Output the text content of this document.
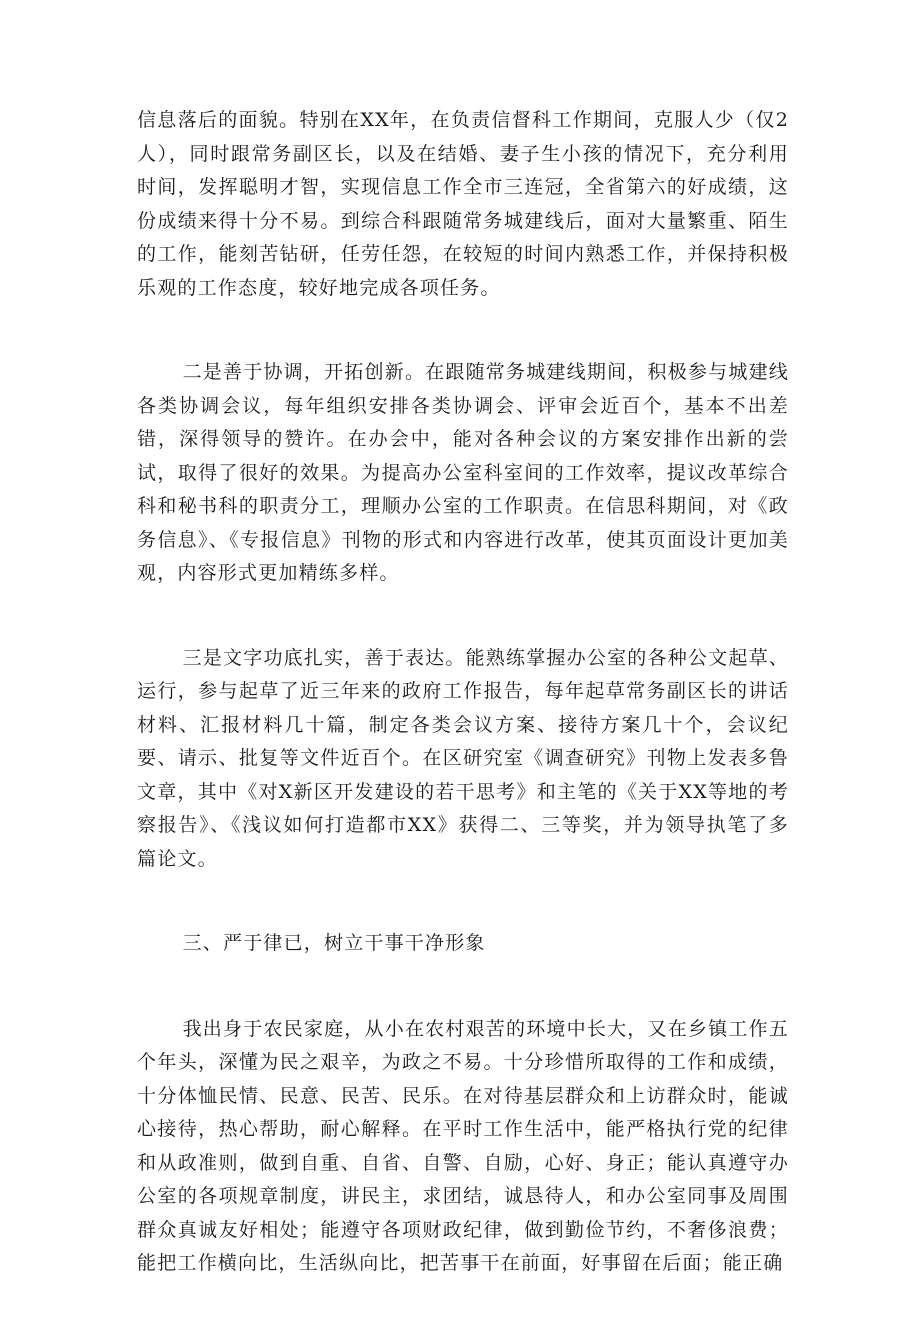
信息落后的面貌。特别在XX年，在负责信督科工作期间，克服人少（仅2人），同时跟常务副区长，以及在结婚、妻子生小孩的情况下，充分利用时间，发挥聪明才智，实现信息工作全市三连冠，全省第六的好成绩，这份成绩来得十分不易。到综合科跟随常务城建线后，面对大量繁重、陌生的工作，能刻苦钻研，任劳任怨，在较短的时间内熟悉工作，并保持积极乐观的工作态度，较好地完成各项任务。

二是善于协调，开拓创新。在跟随常务城建线期间，积极参与城建线各类协调会议，每年组织安排各类协调会、评审会近百个，基本不出差错，深得领导的赞许。在办会中，能对各种会议的方案安排作出新的尝试，取得了很好的效果。为提高办公室科室间的工作效率，提议改革综合科和秘书科的职责分工，理顺办公室的工作职责。在信思科期间，对《政务信息》、《专报信息》刊物的形式和内容进行改革，使其页面设计更加美观，内容形式更加精练多样。

三是文字功底扎实，善于表达。能熟练掌握办公室的各种公文起草、运行，参与起草了近三年来的政府工作报告，每年起草常务副区长的讲话材料、汇报材料几十篇，制定各类会议方案、接待方案几十个，会议纪要、请示、批复等文件近百个。在区研究室《调查研究》刊物上发表多鲁文章，其中《对X新区开发建设的若干思考》和主笔的《关于XX等地的考察报告》、《浅议如何打造都市XX》获得二、三等奖，并为领导执笔了多篇论文。

三、严于律已，树立干事干净形象

我出身于农民家庭，从小在农村艰苦的环境中长大，又在乡镇工作五个年头，深懂为民之艰辛，为政之不易。十分珍惜所取得的工作和成绩，十分体恤民情、民意、民苦、民乐。在对待基层群众和上访群众时，能诚心接待，热心帮助，耐心解释。在平时工作生活中，能严格执行党的纪律和从政准则，做到自重、自省、自警、自励，心好、身正；能认真遵守办公室的各项规章制度，讲民主，求团结，诚恳待人，和办公室同事及周围群众真诚友好相处；能遵守各项财政纪律，做到勤俭节约，不奢侈浪费；能把工作横向比，生活纵向比，把苦事干在前面，好事留在后面；能正确
